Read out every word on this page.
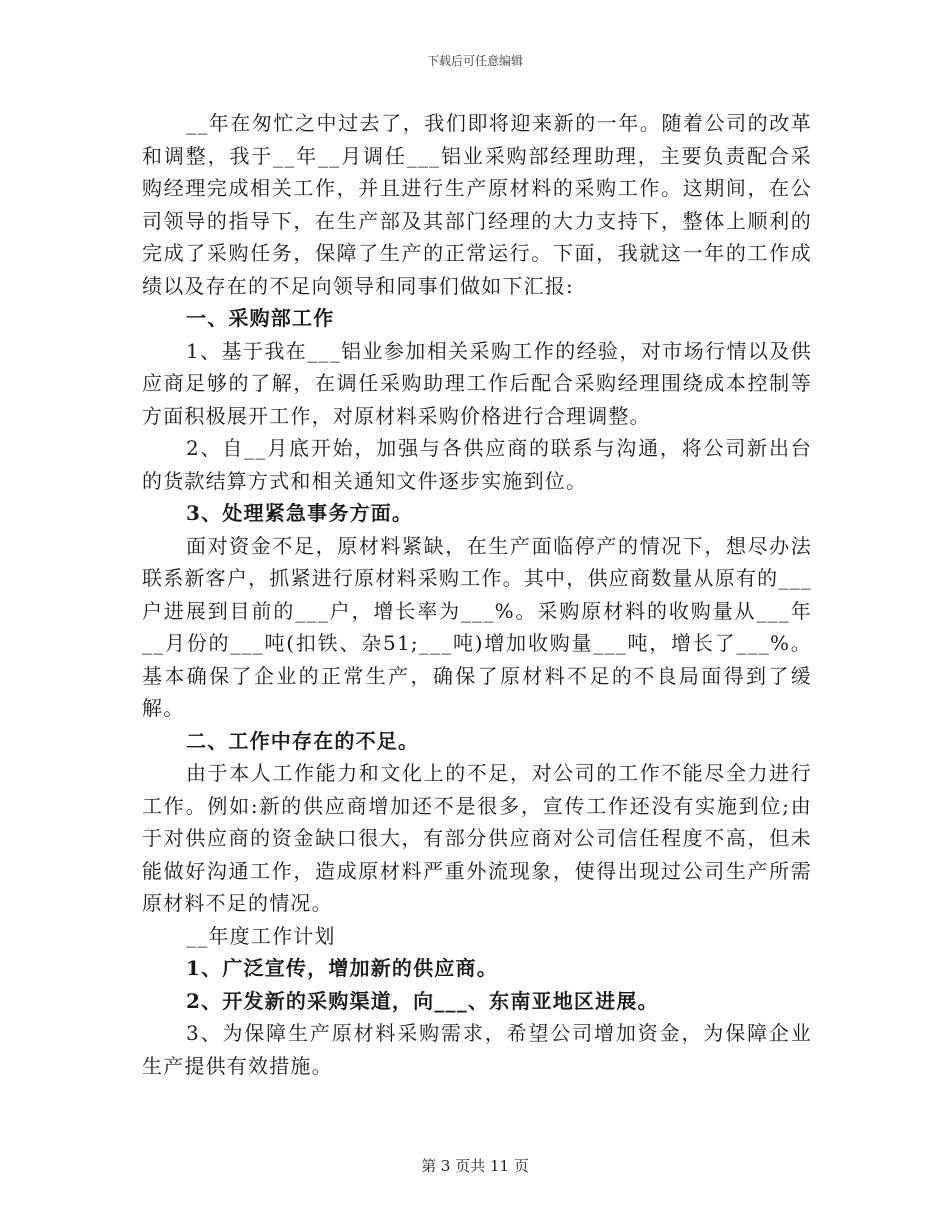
下载后可任意编辑

__年在匆忙之中过去了，我们即将迎来新的一年。随着公司的改革和调整，我于__年__月调任___铝业采购部经理助理，主要负责配合采购经理完成相关工作，并且进行生产原材料的采购工作。这期间，在公司领导的指导下，在生产部及其部门经理的大力支持下，整体上顺利的完成了采购任务，保障了生产的正常运行。下面，我就这一年的工作成绩以及存在的不足向领导和同事们做如下汇报:

一、采购部工作

1、基于我在___铝业参加相关采购工作的经验，对市场行情以及供应商足够的了解，在调任采购助理工作后配合采购经理围绕成本控制等方面积极展开工作，对原材料采购价格进行合理调整。

2、自__月底开始，加强与各供应商的联系与沟通，将公司新出台的货款结算方式和相关通知文件逐步实施到位。

3、处理紧急事务方面。

面对资金不足，原材料紧缺，在生产面临停产的情况下，想尽办法联系新客户，抓紧进行原材料采购工作。其中，供应商数量从原有的___户进展到目前的___户，增长率为___%。采购原材料的收购量从___年__月份的___吨(扣铁、杂51;___吨)增加收购量___吨，增长了___%。基本确保了企业的正常生产，确保了原材料不足的不良局面得到了缓解。

二、工作中存在的不足。

由于本人工作能力和文化上的不足，对公司的工作不能尽全力进行工作。例如:新的供应商增加还不是很多，宣传工作还没有实施到位;由于对供应商的资金缺口很大，有部分供应商对公司信任程度不高，但未能做好沟通工作，造成原材料严重外流现象，使得出现过公司生产所需原材料不足的情况。

__年度工作计划

1、广泛宣传，增加新的供应商。

2、开发新的采购渠道，向___、东南亚地区进展。

3、为保障生产原材料采购需求，希望公司增加资金，为保障企业生产提供有效措施。

第 3 页共 11 页
